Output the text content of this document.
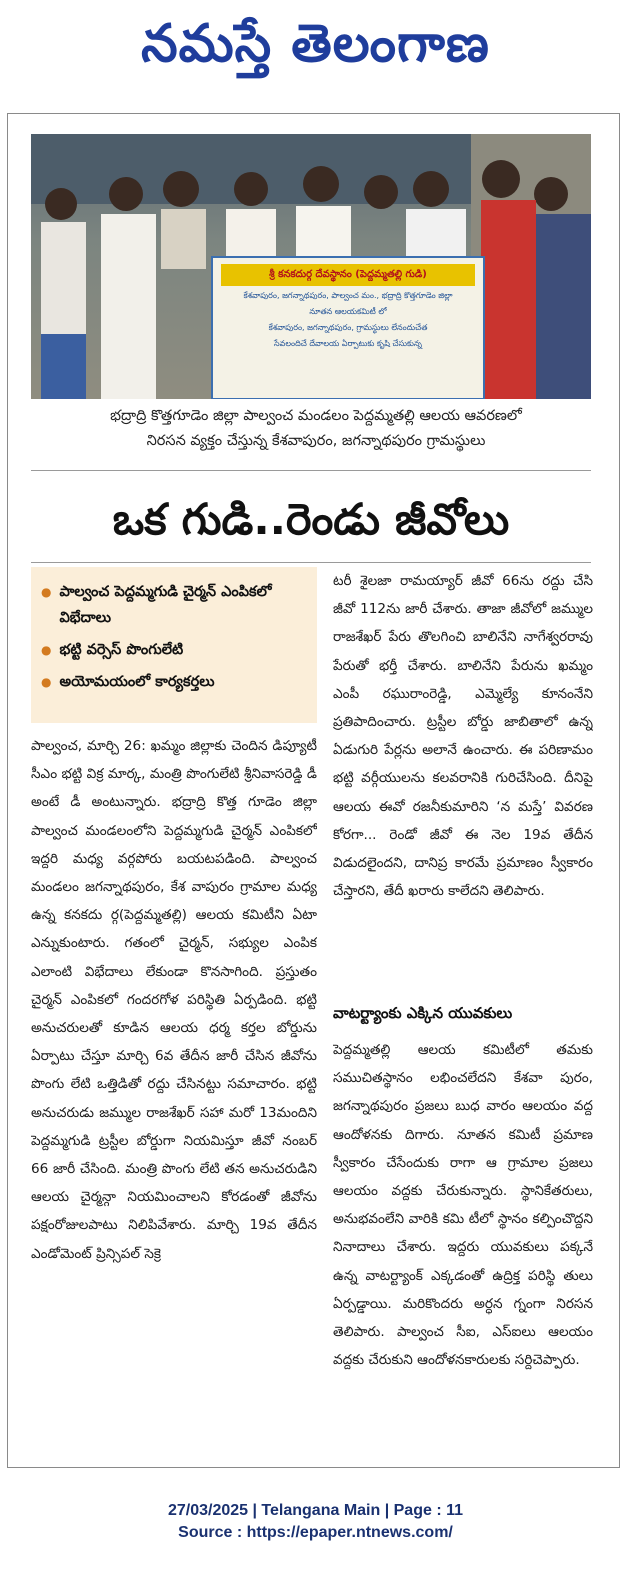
నమస్తే తెలంగాణ
శ్రీ కనకదుర్గ దేవస్థానం (పెద్దమ్మతల్లి గుడి)
కేశవాపురం, జగన్నాథపురం, పాల్వంచ మం., భద్రాద్రి కొత్తగూడెం జిల్లా
నూతన ఆలయకమిటీ లో
కేశవాపురం, జగన్నాథపురం, గ్రామస్థులు లేనందుచేత
సేవలందిచే దేవాలయ ఏర్పాటుకు కృషి చేసుకున్న
భద్రాద్రి కొత్తగూడెం జిల్లా పాల్వంచ మండలం పెద్దమ్మతల్లి ఆలయ ఆవరణలో
నిరసన వ్యక్తం చేస్తున్న కేశవాపురం, జగన్నాథపురం గ్రామస్థులు
ఒక గుడి..రెండు జీవోలు
● పాల్వంచ పెద్దమ్మగుడి చైర్మన్ ఎంపికలో విభేదాలు
● భట్టి వర్సెస్ పొంగులేటి
● అయోమయంలో కార్యకర్తలు

పాల్వంచ, మార్చి 26: ఖమ్మం జిల్లాకు చెందిన డిప్యూటీ సీఎం భట్టి విక్ర మార్క, మంత్రి పొంగులేటి శ్రీనివాసరెడ్డి డీ అంటే డీ అంటున్నారు. భద్రాద్రి కొత్త గూడెం జిల్లా పాల్వంచ మండలంలోని పెద్దమ్మగుడి చైర్మన్ ఎంపికలో ఇద్దరి మధ్య వర్గపోరు బయటపడింది. పాల్వంచ మండలం జగన్నాథపురం, కేశ వాపురం గ్రామాల మధ్య ఉన్న కనకదు ర్గ(పెద్దమ్మతల్లి) ఆలయ కమిటీని ఏటా ఎన్నుకుంటారు. గతంలో చైర్మన్, సభ్యుల ఎంపిక ఎలాంటి విభేదాలు లేకుండా కొనసాగింది. ప్రస్తుతం చైర్మన్ ఎంపికలో గందరగోళ పరిస్థితి ఏర్పడింది. భట్టి అనుచరులతో కూడిన ఆలయ ధర్మ కర్తల బోర్డును ఏర్పాటు చేస్తూ మార్చి 6వ తేదీన జారీ చేసిన జీవోను పొంగు లేటి ఒత్తిడితో రద్దు చేసినట్టు సమాచారం. భట్టి అనుచరుడు జమ్ముల రాజశేఖర్ సహా మరో 13మందిని పెద్దమ్మగుడి ట్రస్టీల బోర్డుగా నియమిస్తూ జీవో నంబర్ 66 జారీ చేసింది. మంత్రి పొంగు లేటి తన అనుచరుడిని ఆలయ చైర్మన్గా నియమించాలని కోరడంతో జీవోను పక్షంరోజులపాటు నిలిపివేశారు. మార్చి 19వ తేదీన ఎండోమెంట్ ప్రిన్సిపల్ సెక్రె

టరీ శైలజా రామయ్యార్ జీవో 66ను రద్దు చేసి జీవో 112ను జారీ చేశారు. తాజా జీవోలో జమ్ముల రాజశేఖర్ పేరు తొలగించి బాలినేని నాగేశ్వరరావు పేరుతో భర్తీ చేశారు. బాలినేని పేరును ఖమ్మం ఎంపీ రఘురాంరెడ్డి, ఎమ్మెల్యే కూనంనేని ప్రతిపాదించారు. ట్రస్టీల బోర్డు జాబితాలో ఉన్న ఏడుగురి పేర్లను అలానే ఉంచారు. ఈ పరిణామం భట్టి వర్గీయులను కలవరానికి గురిచేసింది. దీనిపై ఆలయ ఈవో రజనీకుమారిని ‘న మస్తే’ వివరణ కోరగా... రెండో జీవో ఈ నెల 19వ తేదీన విడుదలైందని, దానిప్ర కారమే ప్రమాణం స్వీకారం చేస్తారని, తేదీ ఖరారు కాలేదని తెలిపారు.

వాటర్ట్యాంకు ఎక్కిన యువకులు

పెద్దమ్మతల్లి ఆలయ కమిటీలో తమకు సముచితస్థానం లభించలేదని కేశవా పురం, జగన్నాథపురం ప్రజలు బుధ వారం ఆలయం వద్ద ఆందోళనకు దిగారు. నూతన కమిటీ ప్రమాణ స్వీకారం చేసేందుకు రాగా ఆ గ్రామాల ప్రజలు ఆలయం వద్దకు చేరుకున్నారు. స్థానికేతరులు, అనుభవంలేని వారికి కమి టీలో స్థానం కల్పించొద్దని నినాదాలు చేశారు. ఇద్దరు యువకులు పక్కనే ఉన్న వాటర్ట్యాంక్ ఎక్కడంతో ఉద్రిక్త పరిస్థి తులు ఏర్పడ్డాయి. మరికొందరు అర్ధన గ్నంగా నిరసన తెలిపారు. పాల్వంచ సీఐ, ఎస్ఐలు ఆలయం వద్దకు చేరుకుని ఆందోళనకారులకు సర్దిచెప్పారు.

27/03/2025 | Telangana Main | Page : 11
Source : https://epaper.ntnews.com/
